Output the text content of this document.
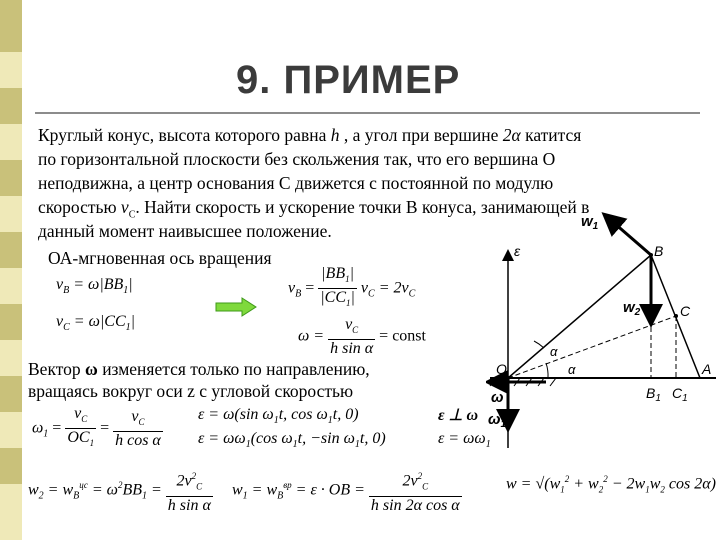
9. ПРИМЕР
Круглый конус, высота которого равна h , а угол при вершине 2α катится
по горизонтальной плоскости без скольжения так, что его вершина О
неподвижна, а центр основания С движется с постоянной по модулю
скоростью $v_C$. Найти скорость и ускорение точки В конуса, занимающей в
данный момент наивысшее положение.
ОА-мгновенная ось вращения
$v_B = \omega|BB_1|$
$v_C = \omega|CC_1|$
$v_B = \frac{|BB_1|}{|CC_1|} v_C = 2v_C$
$\omega = \frac{v_C}{\text{h sin α}}$ = const
Вектор ω изменяется только по направлению,
вращаясь вокруг оси z с угловой скоростью
$\omega_1 = \frac{v_C}{OC_1} = \frac{v_C}{\text{h cos α}}$ ε = ω(sin $\omega_1t$, $\cos \omega_1t$, 0)
$\varepsilon = \omega\omega_1(\cos$ $\omega_1t$, −sin $\omega_1t$, 0)
ε ⊥ ω
$\varepsilon = \omega\omega_1$
$w_2 = w_B^{цс} = \omega^2BB_1 = \frac{2v^2_C}{\text{h sin α}} w_1 = w_B^{вр} = \varepsilon$ · OB = $\frac{2v^2_C}{\text{h sin 2α cos α}}$	$w = √(w_1^2 + w_2^2 - 2w_1w_2$ cos 2α)
$w_1$
$w_2$
ε	B
C
O	A
α
α
ω
$\omega_1$
$B_1$ $C_1$
